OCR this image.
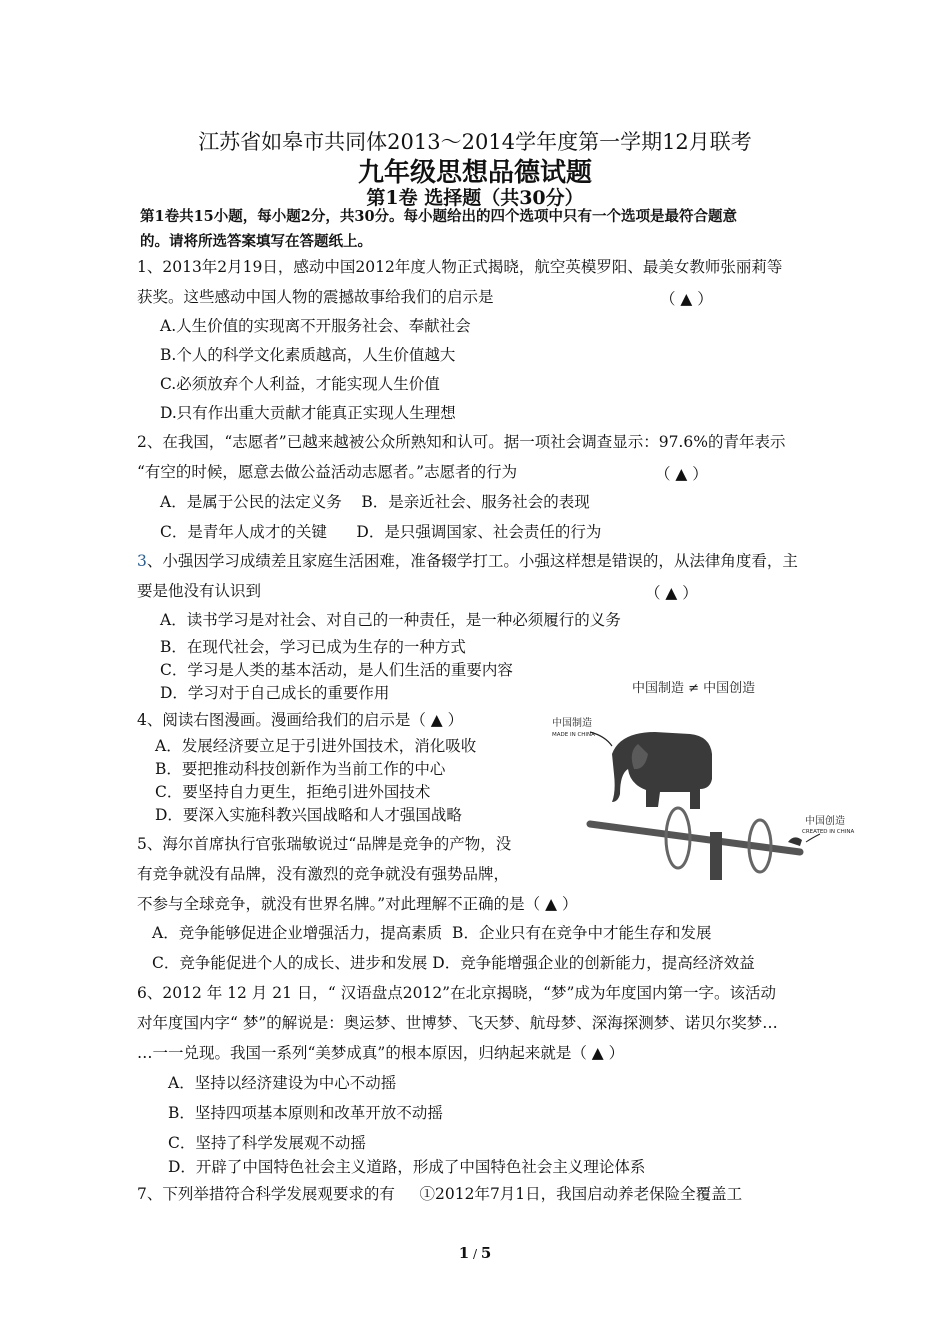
江苏省如皋市共同体2013～2014学年度第一学期12月联考
九年级思想品德试题
第1卷 选择题（共30分）
第1卷共15小题，每小题2分，共30分。每小题给出的四个选项中只有一个选项是最符合题意
的。请将所选答案填写在答题纸上。
1、2013年2月19日，感动中国2012年度人物正式揭晓，航空英模罗阳、最美女教师张丽莉等
获奖。这些感动中国人物的震撼故事给我们的启示是	（ ▲ ）
A.人生价值的实现离不开服务社会、奉献社会
B.个人的科学文化素质越高，人生价值越大
C.必须放弃个人利益，才能实现人生价值
D.只有作出重大贡献才能真正实现人生理想
2、在我国，“志愿者”已越来越被公众所熟知和认可。据一项社会调查显示：97.6%的青年表示
“有空的时候，愿意去做公益活动志愿者。”志愿者的行为	（ ▲ ）
A．是属于公民的法定义务    B．是亲近社会、服务社会的表现
C．是青年人成才的关键      D．是只强调国家、社会责任的行为
3、小强因学习成绩差且家庭生活困难，准备辍学打工。小强这样想是错误的，从法律角度看，主
要是他没有认识到	（ ▲ ）
A．读书学习是对社会、对自己的一种责任，是一种必须履行的义务
B．在现代社会，学习已成为生存的一种方式
C．学习是人类的基本活动，是人们生活的重要内容
D．学习对于自己成长的重要作用
4、阅读右图漫画。漫画给我们的启示是（ ▲ ）
A．发展经济要立足于引进外国技术，消化吸收
B．要把推动科技创新作为当前工作的中心
C．要坚持自力更生，拒绝引进外国技术
D．要深入实施科教兴国战略和人才强国战略
中国制造 ≠ 中国创造
中国制造
MADE IN CHINA
中国创造
CREATED IN CHINA
5、海尔首席执行官张瑞敏说过“品牌是竞争的产物，没
有竞争就没有品牌，没有激烈的竞争就没有强势品牌，
不参与全球竞争，就没有世界名牌。”对此理解不正确的是（ ▲ ）
A．竞争能够促进企业增强活力，提高素质  B．企业只有在竞争中才能生存和发展
C．竞争能促进个人的成长、进步和发展 D．竞争能增强企业的创新能力，提高经济效益
6、2012 年 12 月 21 日，“ 汉语盘点2012”在北京揭晓，“梦”成为年度国内第一字。该活动
对年度国内字“ 梦”的解说是：奥运梦、世博梦、飞天梦、航母梦、深海探测梦、诺贝尔奖梦…
…一一兑现。我国一系列“美梦成真”的根本原因，归纳起来就是（ ▲ ）
A．坚持以经济建设为中心不动摇
B．坚持四项基本原则和改革开放不动摇
C．坚持了科学发展观不动摇
D．开辟了中国特色社会主义道路，形成了中国特色社会主义理论体系
7、下列举措符合科学发展观要求的有     ①2012年7月1日，我国启动养老保险全覆盖工
1 / 5
